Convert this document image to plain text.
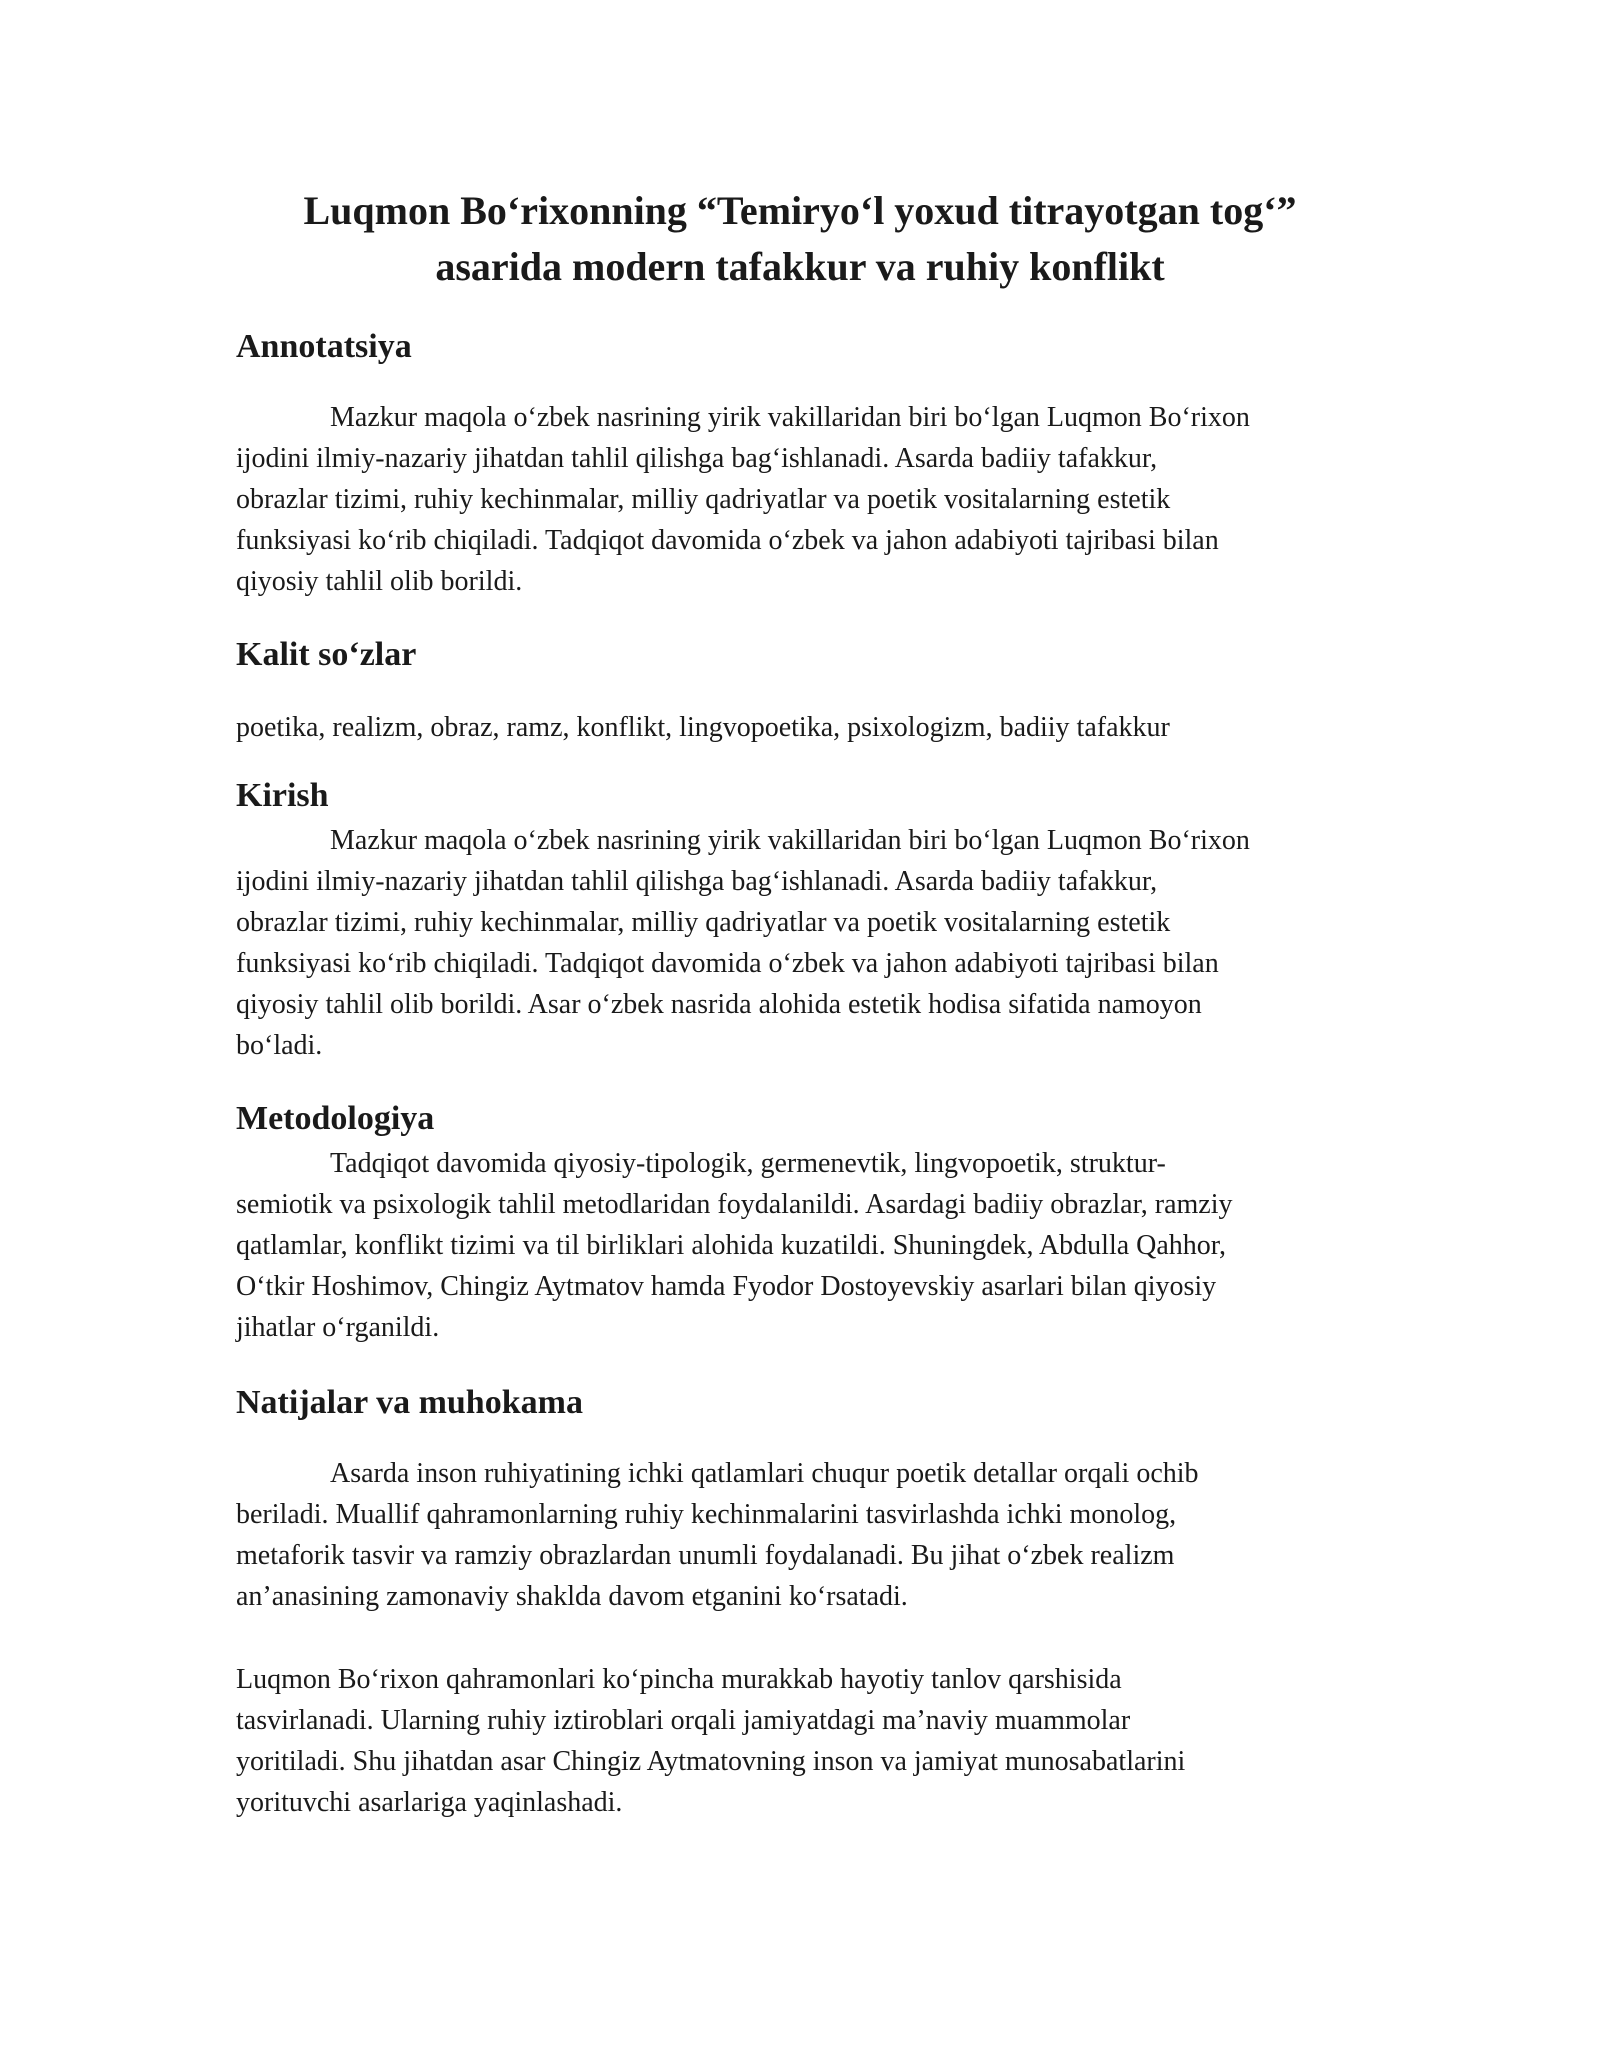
Luqmon Bo‘rixonning “Temiryo‘l yoxud titrayotgan tog‘”
asarida modern tafakkur va ruhiy konflikt
Annotatsiya

Mazkur maqola o‘zbek nasrining yirik vakillaridan biri bo‘lgan Luqmon Bo‘rixon
ijodini ilmiy-nazariy jihatdan tahlil qilishga bag‘ishlanadi. Asarda badiiy tafakkur,
obrazlar tizimi, ruhiy kechinmalar, milliy qadriyatlar va poetik vositalarning estetik
funksiyasi ko‘rib chiqiladi. Tadqiqot davomida o‘zbek va jahon adabiyoti tajribasi bilan
qiyosiy tahlil olib borildi.

Kalit so‘zlar

poetika, realizm, obraz, ramz, konflikt, lingvopoetika, psixologizm, badiiy tafakkur

Kirish

Mazkur maqola o‘zbek nasrining yirik vakillaridan biri bo‘lgan Luqmon Bo‘rixon
ijodini ilmiy-nazariy jihatdan tahlil qilishga bag‘ishlanadi. Asarda badiiy tafakkur,
obrazlar tizimi, ruhiy kechinmalar, milliy qadriyatlar va poetik vositalarning estetik
funksiyasi ko‘rib chiqiladi. Tadqiqot davomida o‘zbek va jahon adabiyoti tajribasi bilan
qiyosiy tahlil olib borildi. Asar o‘zbek nasrida alohida estetik hodisa sifatida namoyon
bo‘ladi.

Metodologiya

Tadqiqot davomida qiyosiy-tipologik, germenevtik, lingvopoetik, struktur-
semiotik va psixologik tahlil metodlaridan foydalanildi. Asardagi badiiy obrazlar, ramziy
qatlamlar, konflikt tizimi va til birliklari alohida kuzatildi. Shuningdek, Abdulla Qahhor,
O‘tkir Hoshimov, Chingiz Aytmatov hamda Fyodor Dostoyevskiy asarlari bilan qiyosiy
jihatlar o‘rganildi.

Natijalar va muhokama

Asarda inson ruhiyatining ichki qatlamlari chuqur poetik detallar orqali ochib
beriladi. Muallif qahramonlarning ruhiy kechinmalarini tasvirlashda ichki monolog,
metaforik tasvir va ramziy obrazlardan unumli foydalanadi. Bu jihat o‘zbek realizm
an’anasining zamonaviy shaklda davom etganini ko‘rsatadi.

Luqmon Bo‘rixon qahramonlari ko‘pincha murakkab hayotiy tanlov qarshisida
tasvirlanadi. Ularning ruhiy iztiroblari orqali jamiyatdagi ma’naviy muammolar
yoritiladi. Shu jihatdan asar Chingiz Aytmatovning inson va jamiyat munosabatlarini
yorituvchi asarlariga yaqinlashadi.
